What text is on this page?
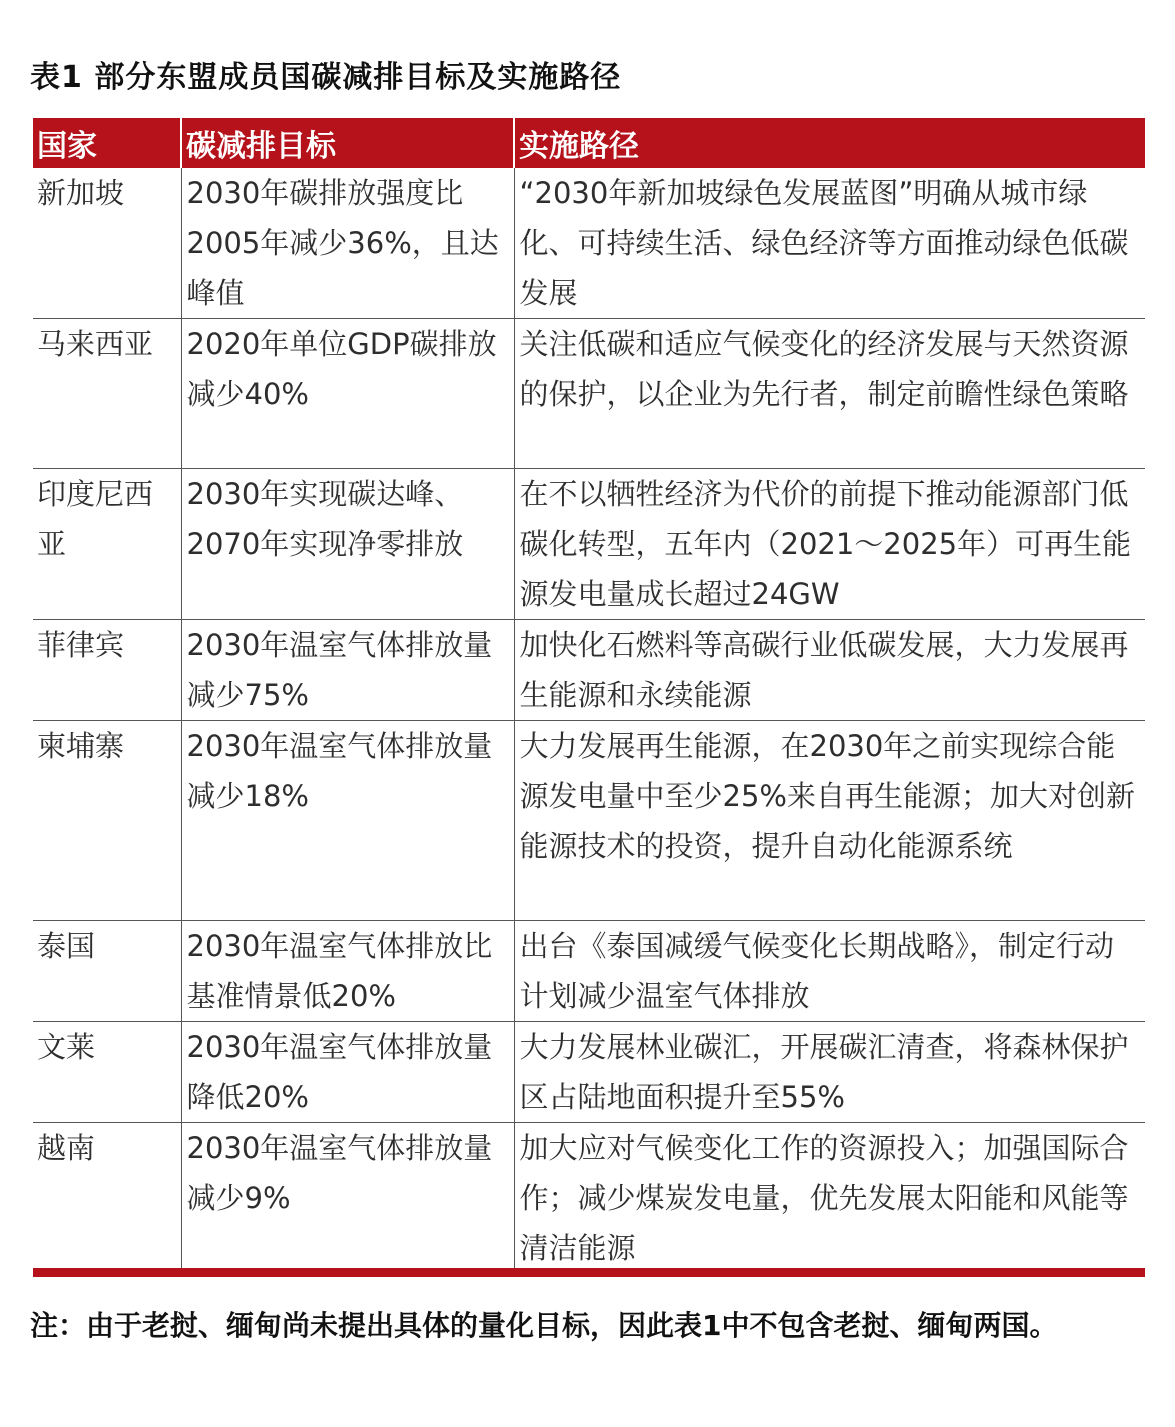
表1 部分东盟成员国碳减排目标及实施路径
国家	碳减排目标	实施路径
新加坡	2030年碳排放强度比2005年减少36%，且达峰值	“2030年新加坡绿色发展蓝图”明确从城市绿化、可持续生活、绿色经济等方面推动绿色低碳发展
马来西亚	2020年单位GDP碳排放减少40%	关注低碳和适应气候变化的经济发展与天然资源的保护，以企业为先行者，制定前瞻性绿色策略
印度尼西亚	2030年实现碳达峰、2070年实现净零排放	在不以牺牲经济为代价的前提下推动能源部门低碳化转型，五年内（2021～2025年）可再生能源发电量成长超过24GW
菲律宾	2030年温室气体排放量减少75%	加快化石燃料等高碳行业低碳发展，大力发展再生能源和永续能源
柬埔寨	2030年温室气体排放量减少18%	大力发展再生能源，在2030年之前实现综合能源发电量中至少25%来自再生能源；加大对创新能源技术的投资，提升自动化能源系统
泰国	2030年温室气体排放比基准情景低20%	出台《泰国减缓气候变化长期战略》，制定行动计划减少温室气体排放
文莱	2030年温室气体排放量降低20%	大力发展林业碳汇，开展碳汇清查，将森林保护区占陆地面积提升至55%
越南	2030年温室气体排放量减少9%	加大应对气候变化工作的资源投入；加强国际合作；减少煤炭发电量，优先发展太阳能和风能等清洁能源
注：由于老挝、缅甸尚未提出具体的量化目标，因此表1中不包含老挝、缅甸两国。
